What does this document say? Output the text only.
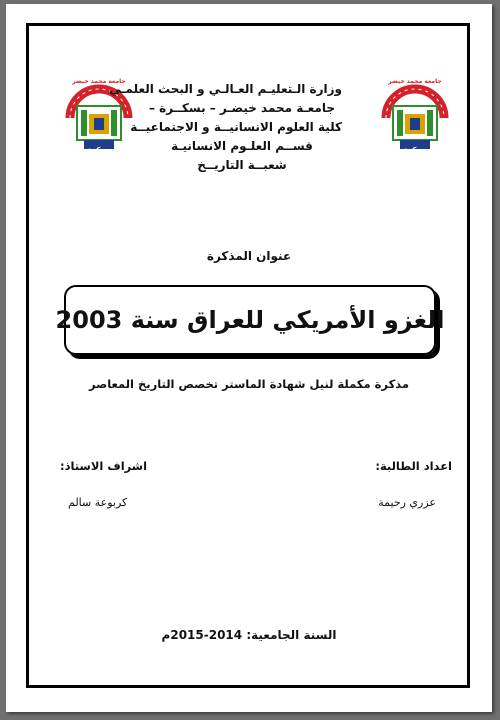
جامعة محمد خيضر
بسكرة
جامعة محمد خيضر
بسكرة
وزارة الـتعليـم العـالـي و البحث العلمـي
جامعـة محمد خيضـر – بسكــرة –
كلية العلوم الانسانيــة و الاجتماعيــة
قســم العلـوم الانسانيـة
شعبــة التاريــخ
عنوان المذكرة
الغزو الأمريكي للعراق سنة 2003
مذكرة مكملة لنيل شهادة الماستر تخصص التاريخ المعاصر
اعداد الطالبة:
اشراف الاستاذ:
عزري رحيمة
كربوعة سالم
السنة الجامعية: 2014-2015م
